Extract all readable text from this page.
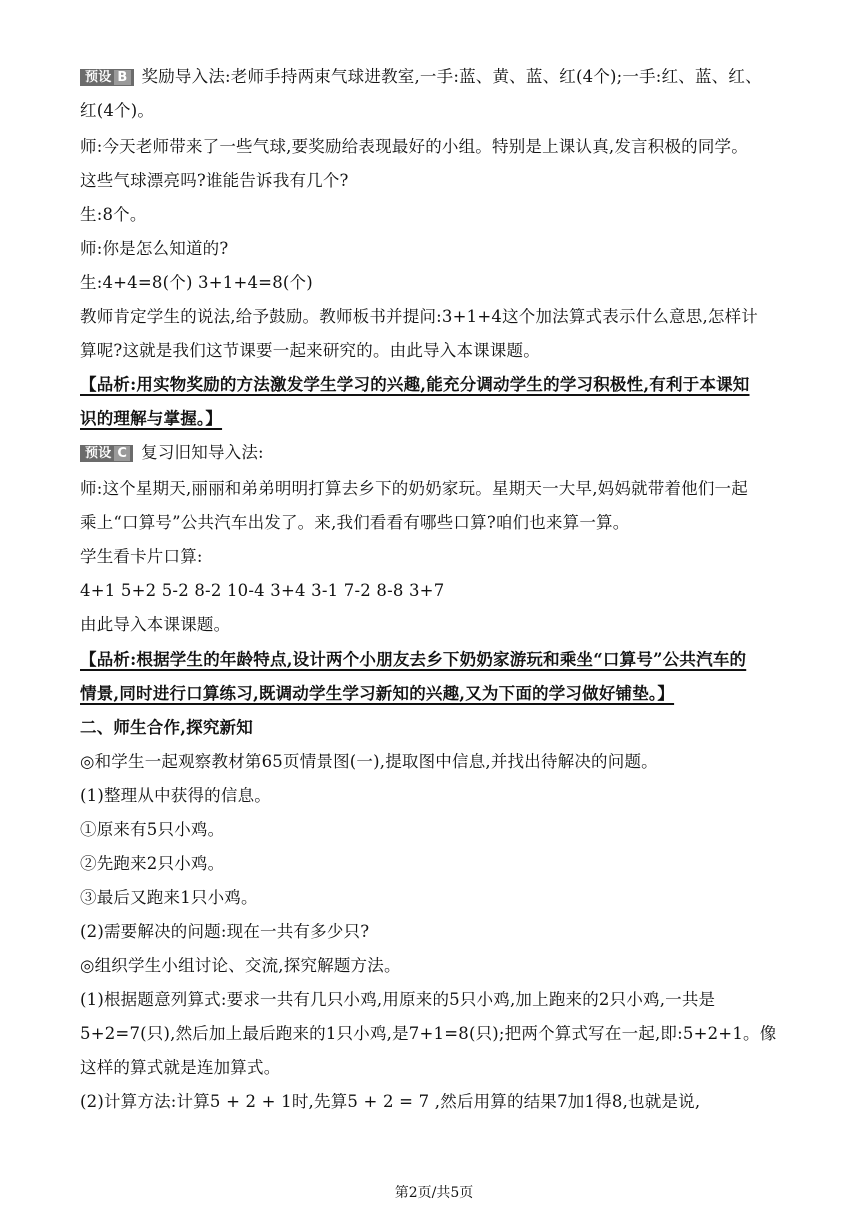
预设 B 奖励导入法:老师手持两束气球进教室,一手:蓝、黄、蓝、红(4个);一手:红、蓝、红、
红(4个)。
师:今天老师带来了一些气球,要奖励给表现最好的小组。特别是上课认真,发言积极的同学。
这些气球漂亮吗?谁能告诉我有几个?
生:8个。
师:你是怎么知道的?
生:4+4=8(个) 3+1+4=8(个)
教师肯定学生的说法,给予鼓励。教师板书并提问:3+1+4这个加法算式表示什么意思,怎样计
算呢?这就是我们这节课要一起来研究的。由此导入本课课题。
【品析:用实物奖励的方法激发学生学习的兴趣,能充分调动学生的学习积极性,有利于本课知
识的理解与掌握。】
预设 C 复习旧知导入法:
师:这个星期天,丽丽和弟弟明明打算去乡下的奶奶家玩。星期天一大早,妈妈就带着他们一起
乘上“口算号”公共汽车出发了。来,我们看看有哪些口算?咱们也来算一算。
学生看卡片口算:
4+1 5+2 5-2 8-2 10-4 3+4 3-1 7-2 8-8 3+7
由此导入本课课题。
【品析:根据学生的年龄特点,设计两个小朋友去乡下奶奶家游玩和乘坐“口算号”公共汽车的
情景,同时进行口算练习,既调动学生学习新知的兴趣,又为下面的学习做好铺垫。】
二、师生合作,探究新知
◎和学生一起观察教材第65页情景图(一),提取图中信息,并找出待解决的问题。
(1)整理从中获得的信息。
①原来有5只小鸡。
②先跑来2只小鸡。
③最后又跑来1只小鸡。
(2)需要解决的问题:现在一共有多少只?
◎组织学生小组讨论、交流,探究解题方法。
(1)根据题意列算式:要求一共有几只小鸡,用原来的5只小鸡,加上跑来的2只小鸡,一共是
5+2=7(只),然后加上最后跑来的1只小鸡,是7+1=8(只);把两个算式写在一起,即:5+2+1。像
这样的算式就是连加算式。
(2)计算方法:计算5 + 2 + 1时,先算5 + 2 = 7 ,然后用算的结果7加1得8,也就是说,
第2页/共5页
